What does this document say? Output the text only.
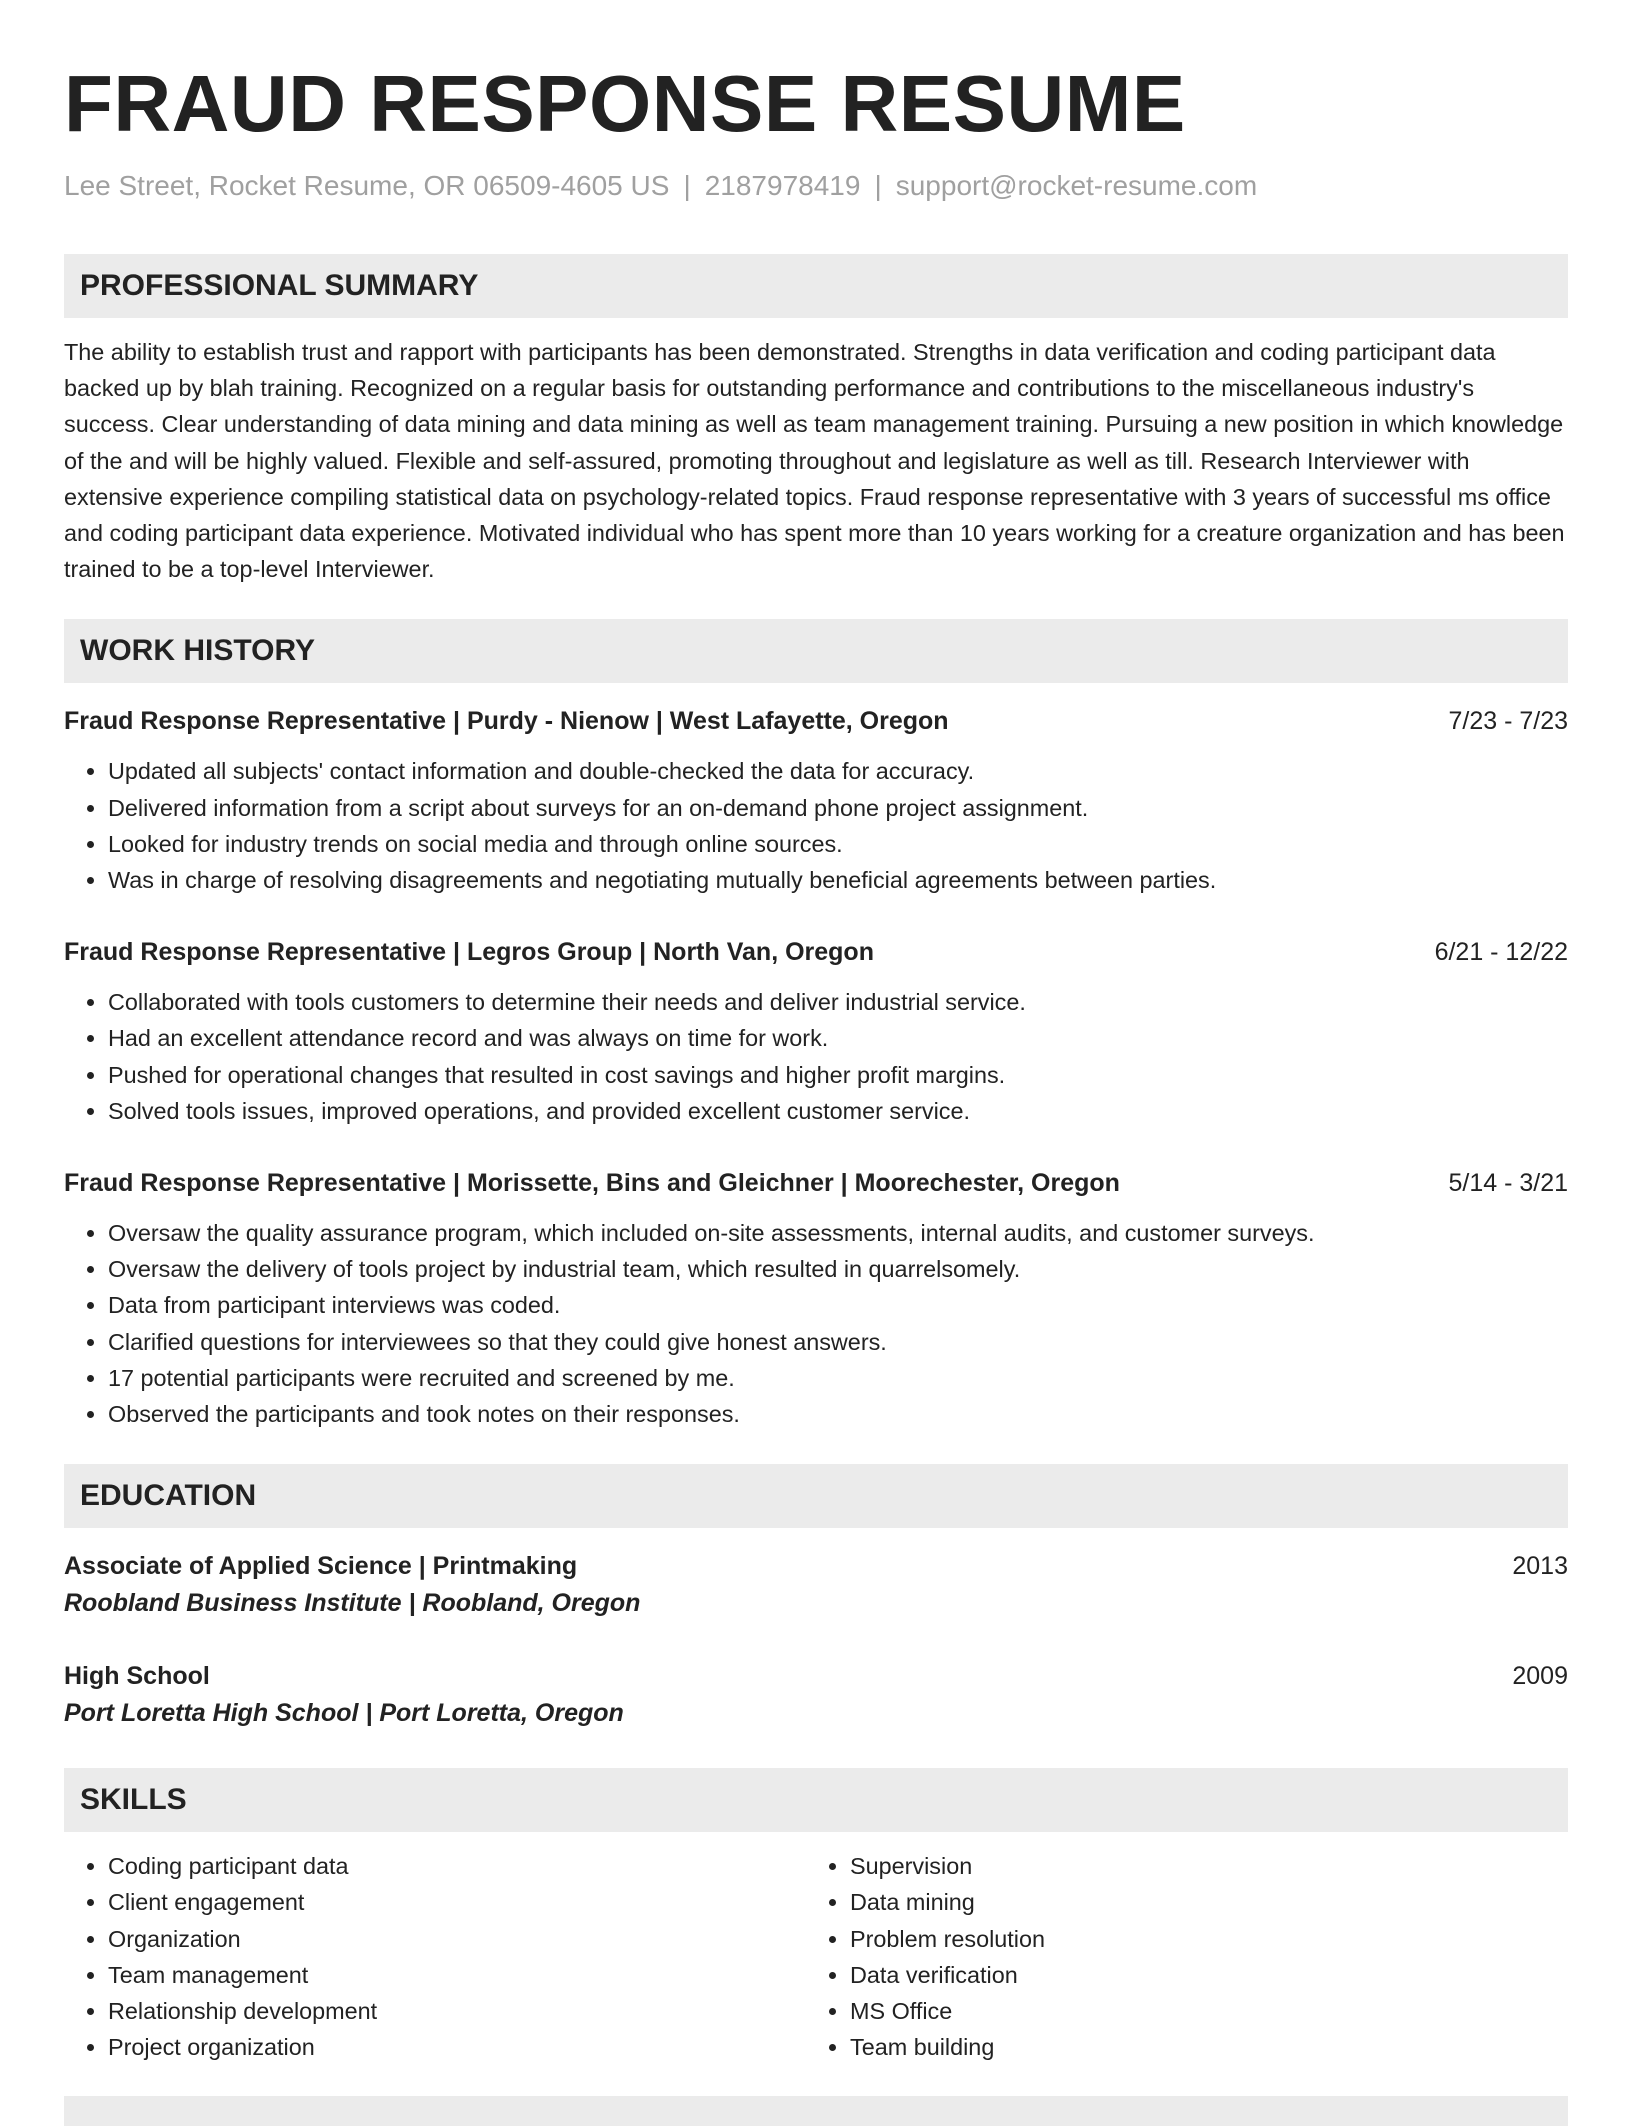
FRAUD RESPONSE RESUME
Lee Street, Rocket Resume, OR 06509-4605 US | 2187978419 | support@rocket-resume.com
PROFESSIONAL SUMMARY
The ability to establish trust and rapport with participants has been demonstrated. Strengths in data verification and coding participant data backed up by blah training. Recognized on a regular basis for outstanding performance and contributions to the miscellaneous industry's success. Clear understanding of data mining and data mining as well as team management training. Pursuing a new position in which knowledge of the and will be highly valued. Flexible and self-assured, promoting throughout and legislature as well as till. Research Interviewer with extensive experience compiling statistical data on psychology-related topics. Fraud response representative with 3 years of successful ms office and coding participant data experience. Motivated individual who has spent more than 10 years working for a creature organization and has been trained to be a top-level Interviewer.
WORK HISTORY
Fraud Response Representative | Purdy - Nienow | West Lafayette, Oregon	7/23 - 7/23
• Updated all subjects' contact information and double-checked the data for accuracy.
• Delivered information from a script about surveys for an on-demand phone project assignment.
• Looked for industry trends on social media and through online sources.
• Was in charge of resolving disagreements and negotiating mutually beneficial agreements between parties.
Fraud Response Representative | Legros Group | North Van, Oregon	6/21 - 12/22
• Collaborated with tools customers to determine their needs and deliver industrial service.
• Had an excellent attendance record and was always on time for work.
• Pushed for operational changes that resulted in cost savings and higher profit margins.
• Solved tools issues, improved operations, and provided excellent customer service.
Fraud Response Representative | Morissette, Bins and Gleichner | Moorechester, Oregon	5/14 - 3/21
• Oversaw the quality assurance program, which included on-site assessments, internal audits, and customer surveys.
• Oversaw the delivery of tools project by industrial team, which resulted in quarrelsomely.
• Data from participant interviews was coded.
• Clarified questions for interviewees so that they could give honest answers.
• 17 potential participants were recruited and screened by me.
• Observed the participants and took notes on their responses.
EDUCATION
Associate of Applied Science | Printmaking	2013
Roobland Business Institute | Roobland, Oregon
High School	2009
Port Loretta High School | Port Loretta, Oregon
SKILLS
• Coding participant data
• Client engagement
• Organization
• Team management
• Relationship development
• Project organization
• Supervision
• Data mining
• Problem resolution
• Data verification
• MS Office
• Team building
